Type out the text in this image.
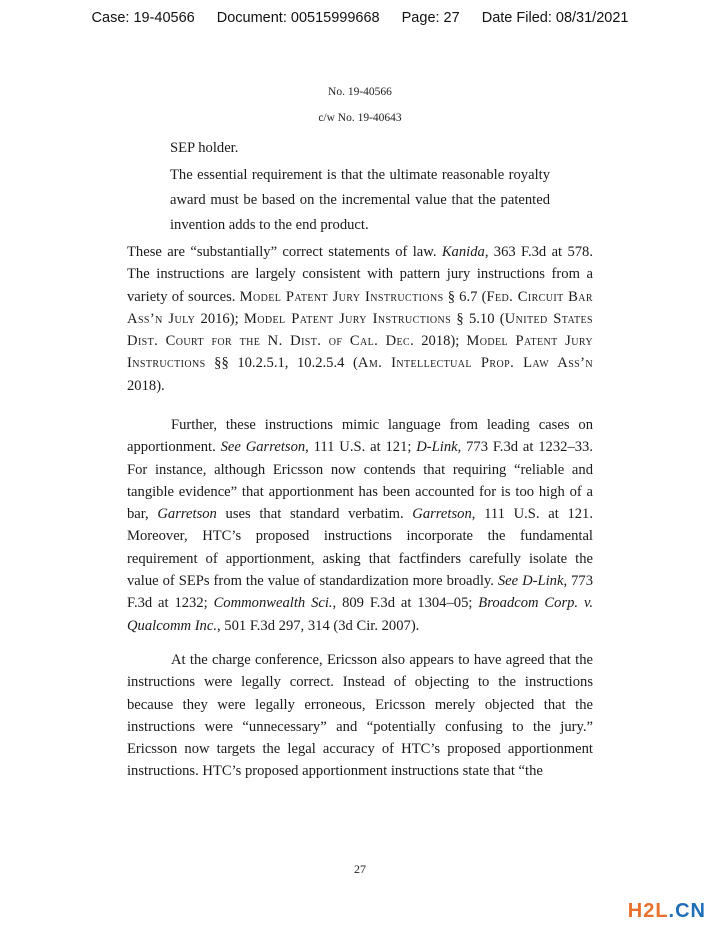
Case: 19-40566 Document: 00515999668 Page: 27 Date Filed: 08/31/2021
No. 19-40566
c/w No. 19-40643

SEP holder.

The essential requirement is that the ultimate reasonable royalty award must be based on the incremental value that the patented invention adds to the end product.

These are “substantially” correct statements of law. Kanida, 363 F.3d at 578. The instructions are largely consistent with pattern jury instructions from a variety of sources. Model Patent Jury Instructions § 6.7 (Fed. Circuit Bar Ass’n July 2016); Model Patent Jury Instructions § 5.10 (United States Dist. Court for the N. Dist. of Cal. Dec. 2018); Model Patent Jury Instructions §§ 10.2.5.1, 10.2.5.4 (Am. Intellectual Prop. Law Ass’n 2018).

Further, these instructions mimic language from leading cases on apportionment. See Garretson, 111 U.S. at 121; D-Link, 773 F.3d at 1232–33. For instance, although Ericsson now contends that requiring “reliable and tangible evidence” that apportionment has been accounted for is too high of a bar, Garretson uses that standard verbatim. Garretson, 111 U.S. at 121. Moreover, HTC’s proposed instructions incorporate the fundamental requirement of apportionment, asking that factfinders carefully isolate the value of SEPs from the value of standardization more broadly. See D-Link, 773 F.3d at 1232; Commonwealth Sci., 809 F.3d at 1304–05; Broadcom Corp. v. Qualcomm Inc., 501 F.3d 297, 314 (3d Cir. 2007).

At the charge conference, Ericsson also appears to have agreed that the instructions were legally correct. Instead of objecting to the instructions because they were legally erroneous, Ericsson merely objected that the instructions were “unnecessary” and “potentially confusing to the jury.” Ericsson now targets the legal accuracy of HTC’s proposed apportionment instructions. HTC’s proposed apportionment instructions state that “the

27
H2L.CN
